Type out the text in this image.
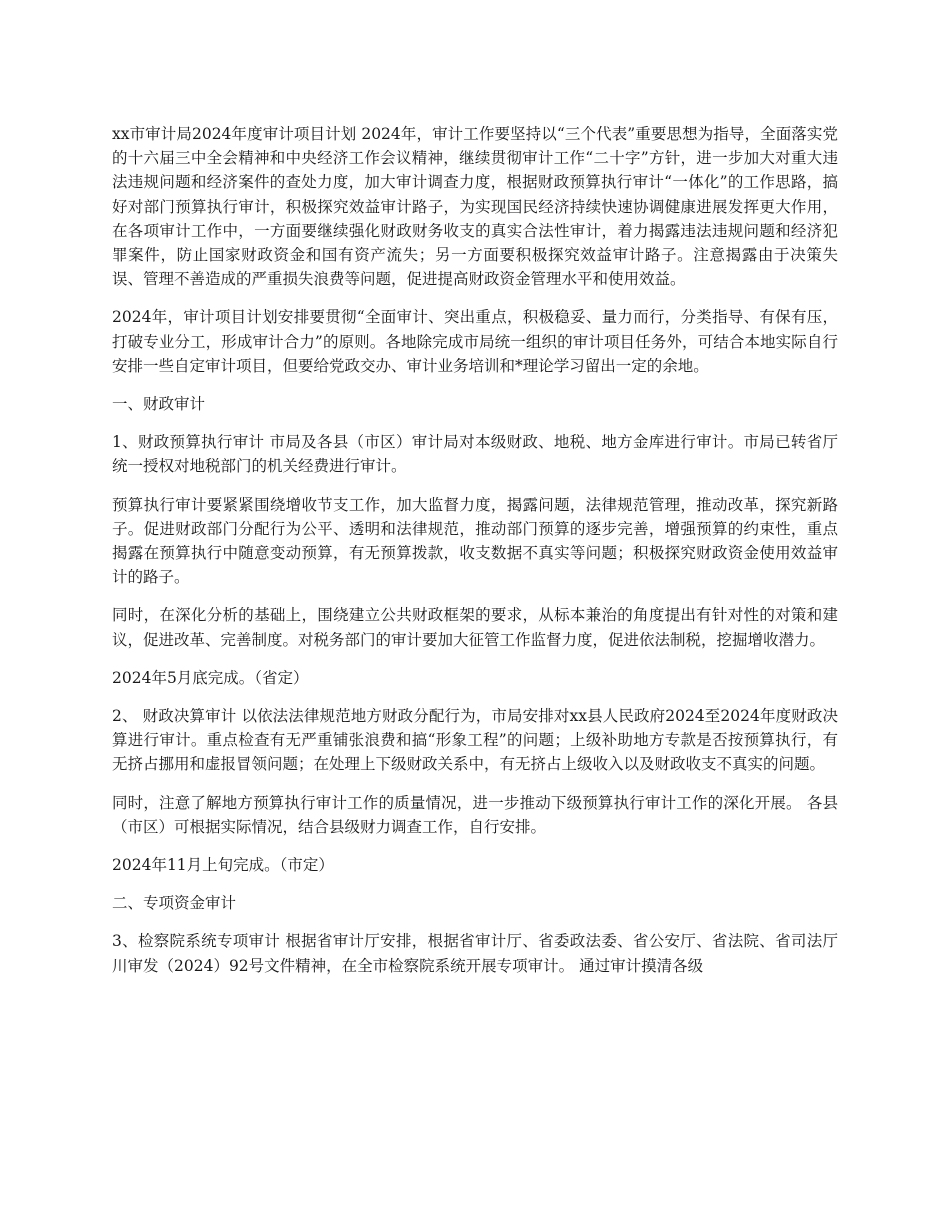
xx市审计局2024年度审计项目计划 2024年，审计工作要坚持以“三个代表”重要思想为指导，全面落实党的十六届三中全会精神和中央经济工作会议精神，继续贯彻审计工作“二十字”方针，进一步加大对重大违法违规问题和经济案件的查处力度，加大审计调查力度，根据财政预算执行审计“一体化”的工作思路，搞好对部门预算执行审计，积极探究效益审计路子，为实现国民经济持续快速协调健康进展发挥更大作用，在各项审计工作中，一方面要继续强化财政财务收支的真实合法性审计，着力揭露违法违规问题和经济犯罪案件，防止国家财政资金和国有资产流失；另一方面要积极探究效益审计路子。注意揭露由于决策失误、管理不善造成的严重损失浪费等问题，促进提高财政资金管理水平和使用效益。

2024年，审计项目计划安排要贯彻“全面审计、突出重点，积极稳妥、量力而行，分类指导、有保有压，打破专业分工，形成审计合力”的原则。各地除完成市局统一组织的审计项目任务外，可结合本地实际自行安排一些自定审计项目，但要给党政交办、审计业务培训和*理论学习留出一定的余地。

一、财政审计

1、财政预算执行审计 市局及各县（市区）审计局对本级财政、地税、地方金库进行审计。市局已转省厅统一授权对地税部门的机关经费进行审计。

预算执行审计要紧紧围绕增收节支工作，加大监督力度，揭露问题，法律规范管理，推动改革，探究新路子。促进财政部门分配行为公平、透明和法律规范，推动部门预算的逐步完善，增强预算的约束性，重点揭露在预算执行中随意变动预算，有无预算拨款，收支数据不真实等问题；积极探究财政资金使用效益审计的路子。

同时，在深化分析的基础上，围绕建立公共财政框架的要求，从标本兼治的角度提出有针对性的对策和建议，促进改革、完善制度。对税务部门的审计要加大征管工作监督力度，促进依法制税，挖掘增收潜力。

2024年5月底完成。（省定）

2、 财政决算审计 以依法法律规范地方财政分配行为，市局安排对xx县人民政府2024至2024年度财政决算进行审计。重点检查有无严重铺张浪费和搞“形象工程”的问题；上级补助地方专款是否按预算执行，有无挤占挪用和虚报冒领问题；在处理上下级财政关系中，有无挤占上级收入以及财政收支不真实的问题。

同时，注意了解地方预算执行审计工作的质量情况，进一步推动下级预算执行审计工作的深化开展。 各县（市区）可根据实际情况，结合县级财力调查工作，自行安排。

2024年11月上旬完成。（市定）

二、专项资金审计

3、检察院系统专项审计 根据省审计厅安排，根据省审计厅、省委政法委、省公安厅、省法院、省司法厅川审发（2024）92号文件精神，在全市检察院系统开展专项审计。 通过审计摸清各级
